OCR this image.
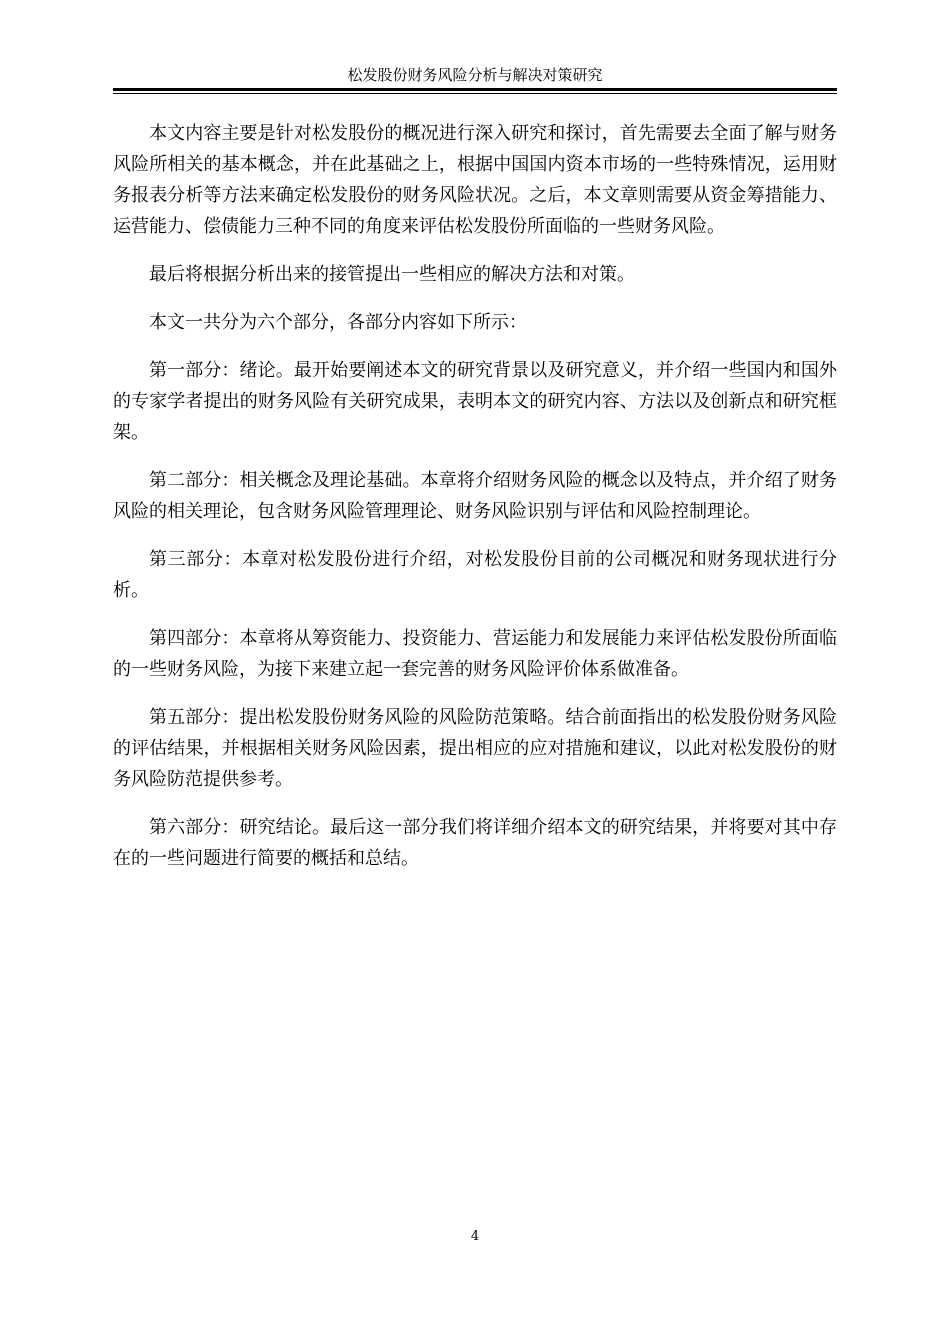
松发股份财务风险分析与解决对策研究

本文内容主要是针对松发股份的概况进行深入研究和探讨，首先需要去全面了解与财务风险所相关的基本概念，并在此基础之上，根据中国国内资本市场的一些特殊情况，运用财务报表分析等方法来确定松发股份的财务风险状况。之后，本文章则需要从资金筹措能力、运营能力、偿债能力三种不同的角度来评估松发股份所面临的一些财务风险。

最后将根据分析出来的接管提出一些相应的解决方法和对策。

本文一共分为六个部分，各部分内容如下所示：

第一部分：绪论。最开始要阐述本文的研究背景以及研究意义，并介绍一些国内和国外的专家学者提出的财务风险有关研究成果，表明本文的研究内容、方法以及创新点和研究框架。

第二部分：相关概念及理论基础。本章将介绍财务风险的概念以及特点，并介绍了财务风险的相关理论，包含财务风险管理理论、财务风险识别与评估和风险控制理论。

第三部分：本章对松发股份进行介绍，对松发股份目前的公司概况和财务现状进行分析。

第四部分：本章将从筹资能力、投资能力、营运能力和发展能力来评估松发股份所面临的一些财务风险，为接下来建立起一套完善的财务风险评价体系做准备。

第五部分：提出松发股份财务风险的风险防范策略。结合前面指出的松发股份财务风险的评估结果，并根据相关财务风险因素，提出相应的应对措施和建议，以此对松发股份的财务风险防范提供参考。

第六部分：研究结论。最后这一部分我们将详细介绍本文的研究结果，并将要对其中存在的一些问题进行简要的概括和总结。

4
